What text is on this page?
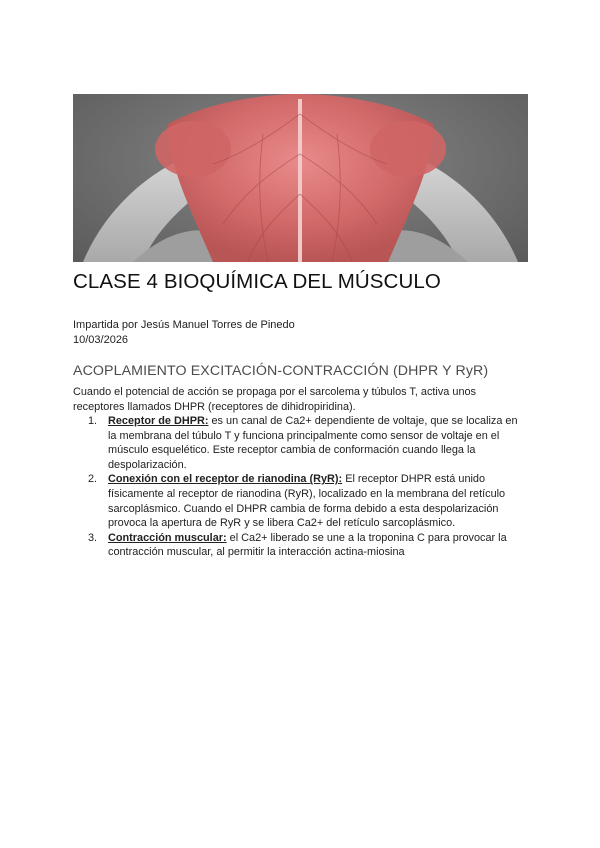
CLASE 4 BIOQUÍMICA DEL MÚSCULO
Impartida por Jesús Manuel Torres de Pinedo
10/03/2026
ACOPLAMIENTO EXCITACIÓN-CONTRACCIÓN (DHPR Y RyR)

Cuando el potencial de acción se propaga por el sarcolema y túbulos T, activa unos receptores llamados DHPR (receptores de dihidropiridina).

1. Receptor de DHPR: es un canal de Ca2+ dependiente de voltaje, que se localiza en la membrana del túbulo T y funciona principalmente como sensor de voltaje en el músculo esquelético. Este receptor cambia de conformación cuando llega la despolarización.
2. Conexión con el receptor de rianodina (RyR): El receptor DHPR está unido físicamente al receptor de rianodina (RyR), localizado en la membrana del retículo sarcoplásmico. Cuando el DHPR cambia de forma debido a esta despolarización provoca la apertura de RyR y se libera Ca2+ del retículo sarcoplásmico.
3. Contracción muscular: el Ca2+ liberado se une a la troponina C para provocar la contracción muscular, al permitir la interacción actina-miosina
